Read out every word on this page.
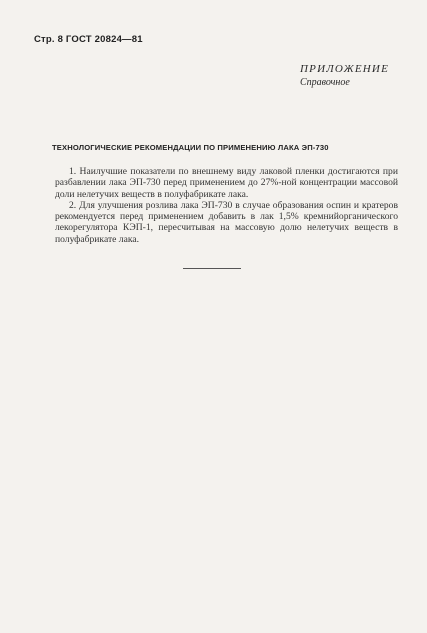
Стр. 8 ГОСТ 20824—81
ПРИЛОЖЕНИЕ
Справочное
ТЕХНОЛОГИЧЕСКИЕ РЕКОМЕНДАЦИИ ПО ПРИМЕНЕНИЮ ЛАКА ЭП-730

1. Наилучшие показатели по внешнему виду лаковой пленки достигаются при разбавлении лака ЭП-730 перед применением до 27%-ной концентрации массовой доли нелетучих веществ в полуфабрикате лака.

2. Для улучшения розлива лака ЭП-730 в случае образования оспин и кратеров рекомендуется перед применением добавить в лак 1,5% кремнийорганического лекорегулятора КЭП-1, пересчитывая на массовую долю нелетучих веществ в полуфабрикате лака.
